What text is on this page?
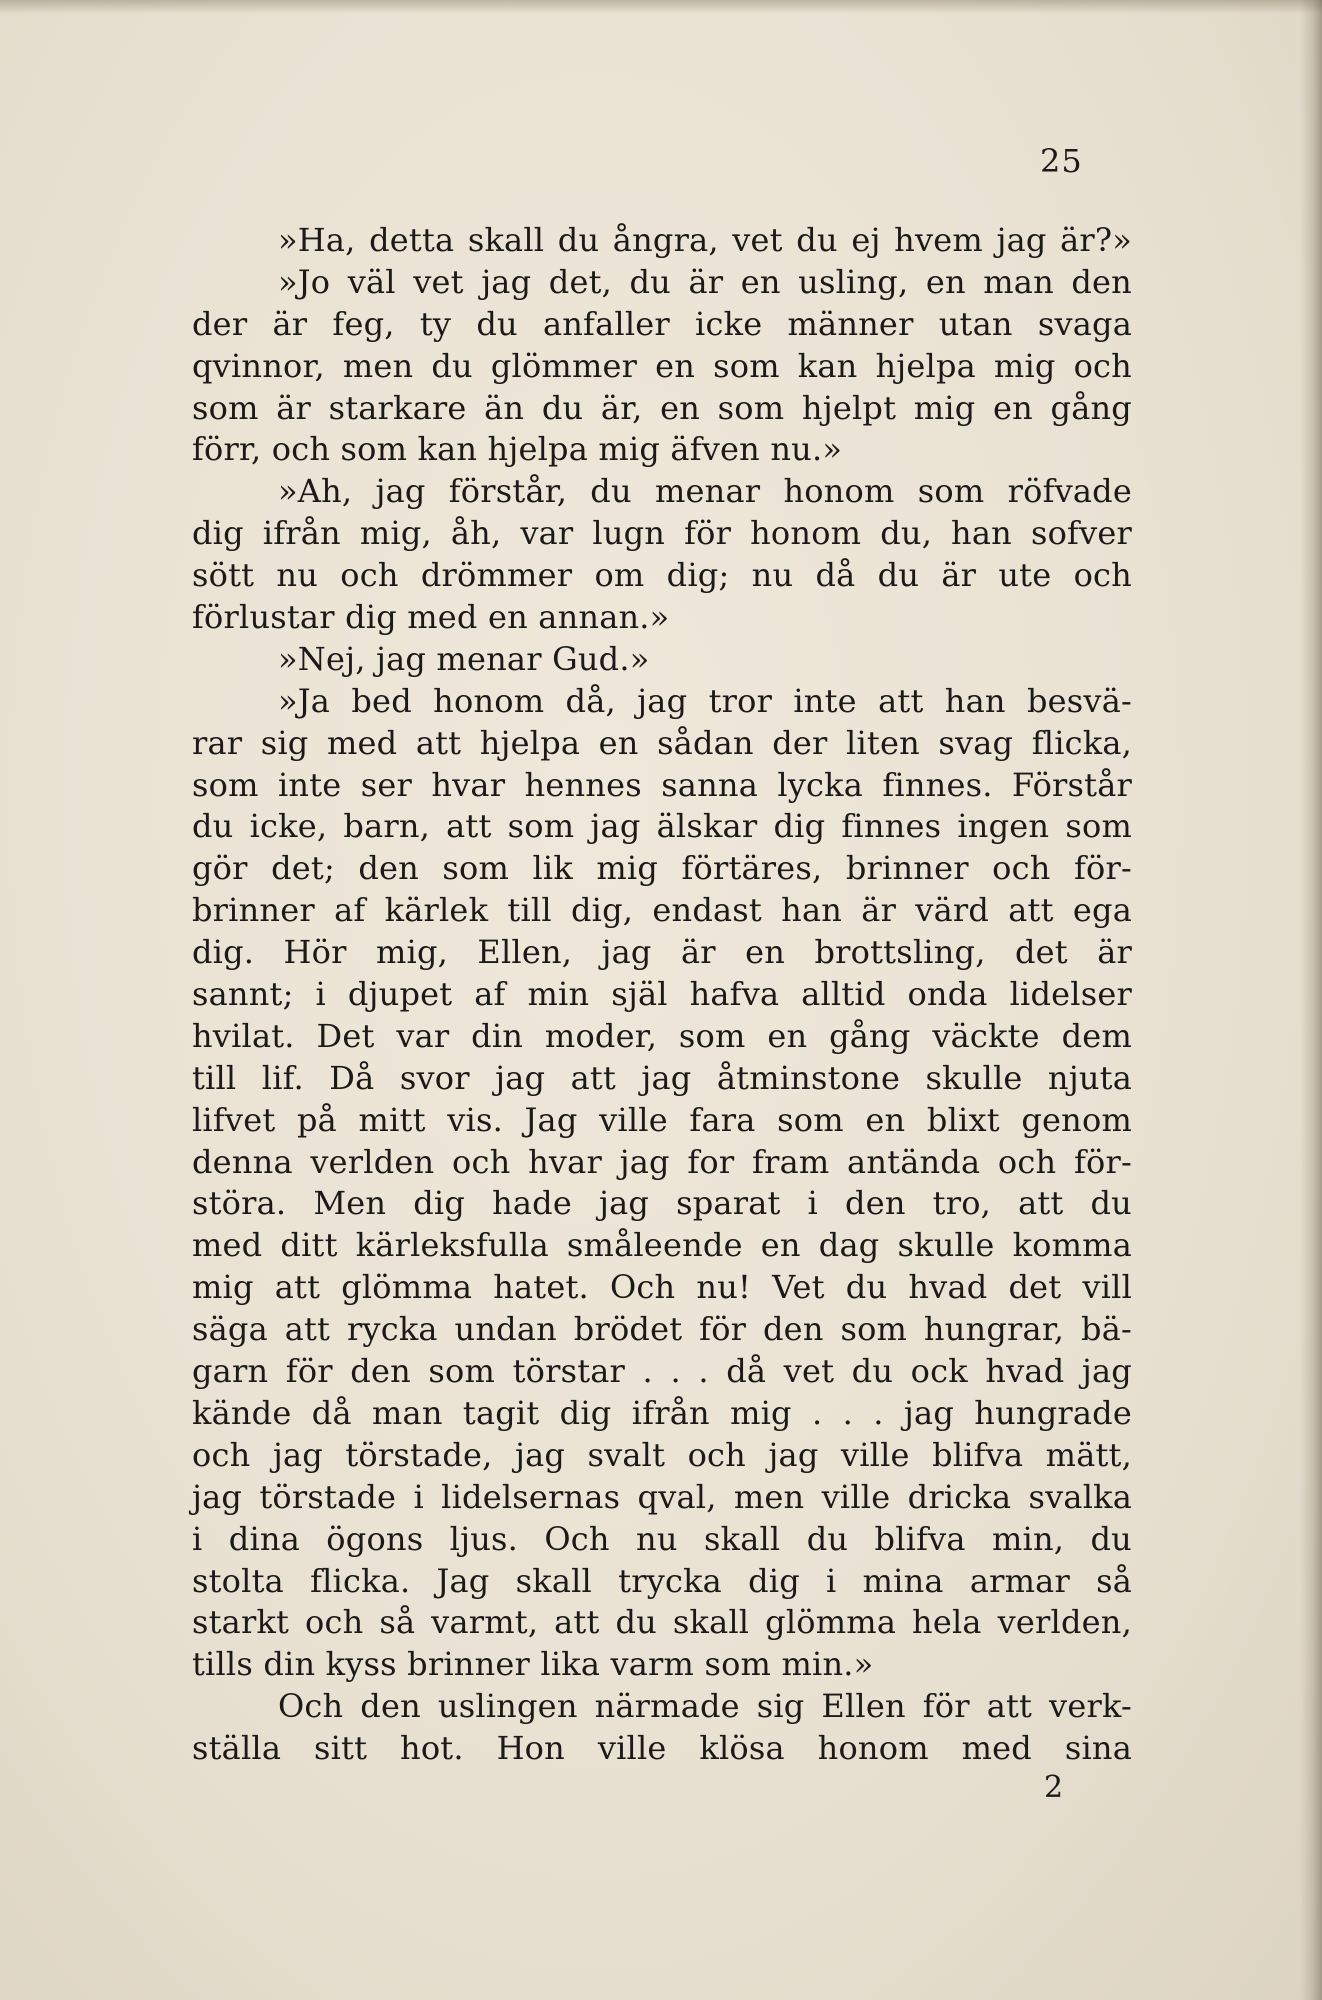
25
»Ha, detta skall du ångra, vet du ej hvem jag är?»
»Jo väl vet jag det, du är en usling, en man den
der är feg, ty du anfaller icke männer utan svaga
qvinnor, men du glömmer en som kan hjelpa mig och
som är starkare än du är, en som hjelpt mig en gång
förr, och som kan hjelpa mig äfven nu.»
»Ah, jag förstår, du menar honom som röfvade
dig ifrån mig, åh, var lugn för honom du, han sofver
sött nu och drömmer om dig; nu då du är ute och
förlustar dig med en annan.»
»Nej, jag menar Gud.»
»Ja bed honom då, jag tror inte att han besvä-
rar sig med att hjelpa en sådan der liten svag flicka,
som inte ser hvar hennes sanna lycka finnes. Förstår
du icke, barn, att som jag älskar dig finnes ingen som
gör det; den som lik mig förtäres, brinner och för-
brinner af kärlek till dig, endast han är värd att ega
dig. Hör mig, Ellen, jag är en brottsling, det är
sannt; i djupet af min själ hafva alltid onda lidelser
hvilat. Det var din moder, som en gång väckte dem
till lif. Då svor jag att jag åtminstone skulle njuta
lifvet på mitt vis. Jag ville fara som en blixt genom
denna verlden och hvar jag for fram antända och för-
störa. Men dig hade jag sparat i den tro, att du
med ditt kärleksfulla småleende en dag skulle komma
mig att glömma hatet. Och nu! Vet du hvad det vill
säga att rycka undan brödet för den som hungrar, bä-
garn för den som törstar . . . då vet du ock hvad jag
kände då man tagit dig ifrån mig . . . jag hungrade
och jag törstade, jag svalt och jag ville blifva mätt,
jag törstade i lidelsernas qval, men ville dricka svalka
i dina ögons ljus. Och nu skall du blifva min, du
stolta flicka. Jag skall trycka dig i mina armar så
starkt och så varmt, att du skall glömma hela verlden,
tills din kyss brinner lika varm som min.»
Och den uslingen närmade sig Ellen för att verk-
ställa sitt hot. Hon ville klösa honom med sina
2
